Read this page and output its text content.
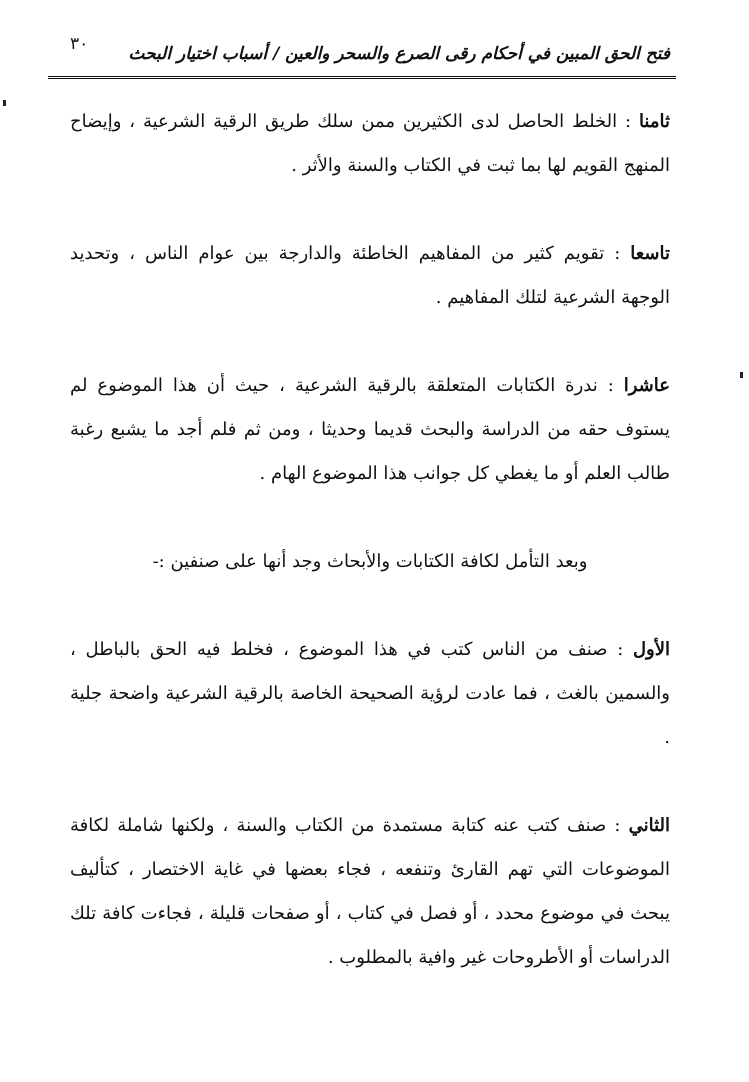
٣٠ فتح الحق المبين في أحكام رقى الصرع والسحر والعين / أسباب اختيار البحث

ثامنا : الخلط الحاصل لدى الكثيرين ممن سلك طريق الرقية الشرعية ، وإيضاح المنهج القويم لها بما ثبت في الكتاب والسنة والأثر .

تاسعا : تقويم كثير من المفاهيم الخاطئة والدارجة بين عوام الناس ، وتحديد الوجهة الشرعية لتلك المفاهيم .

عاشرا : ندرة الكتابات المتعلقة بالرقية الشرعية ، حيث أن هذا الموضوع لم يستوف حقه من الدراسة والبحث قديما وحديثا ، ومن ثم فلم أجد ما يشبع رغبة طالب العلم أو ما يغطي كل جوانب هذا الموضوع الهام .

وبعد التأمل لكافة الكتابات والأبحاث وجد أنها على صنفين :-

الأول : صنف من الناس كتب في هذا الموضوع ، فخلط فيه الحق بالباطل ، والسمين بالغث ، فما عادت لرؤية الصحيحة الخاصة بالرقية الشرعية واضحة جلية .

الثاني : صنف كتب عنه كتابة مستمدة من الكتاب والسنة ، ولكنها شاملة لكافة الموضوعات التي تهم القارئ وتنفعه ، فجاء بعضها في غاية الاختصار ، كتأليف يبحث في موضوع محدد ، أو فصل في كتاب ، أو صفحات قليلة ، فجاءت كافة تلك الدراسات أو الأطروحات غير وافية بالمطلوب .
